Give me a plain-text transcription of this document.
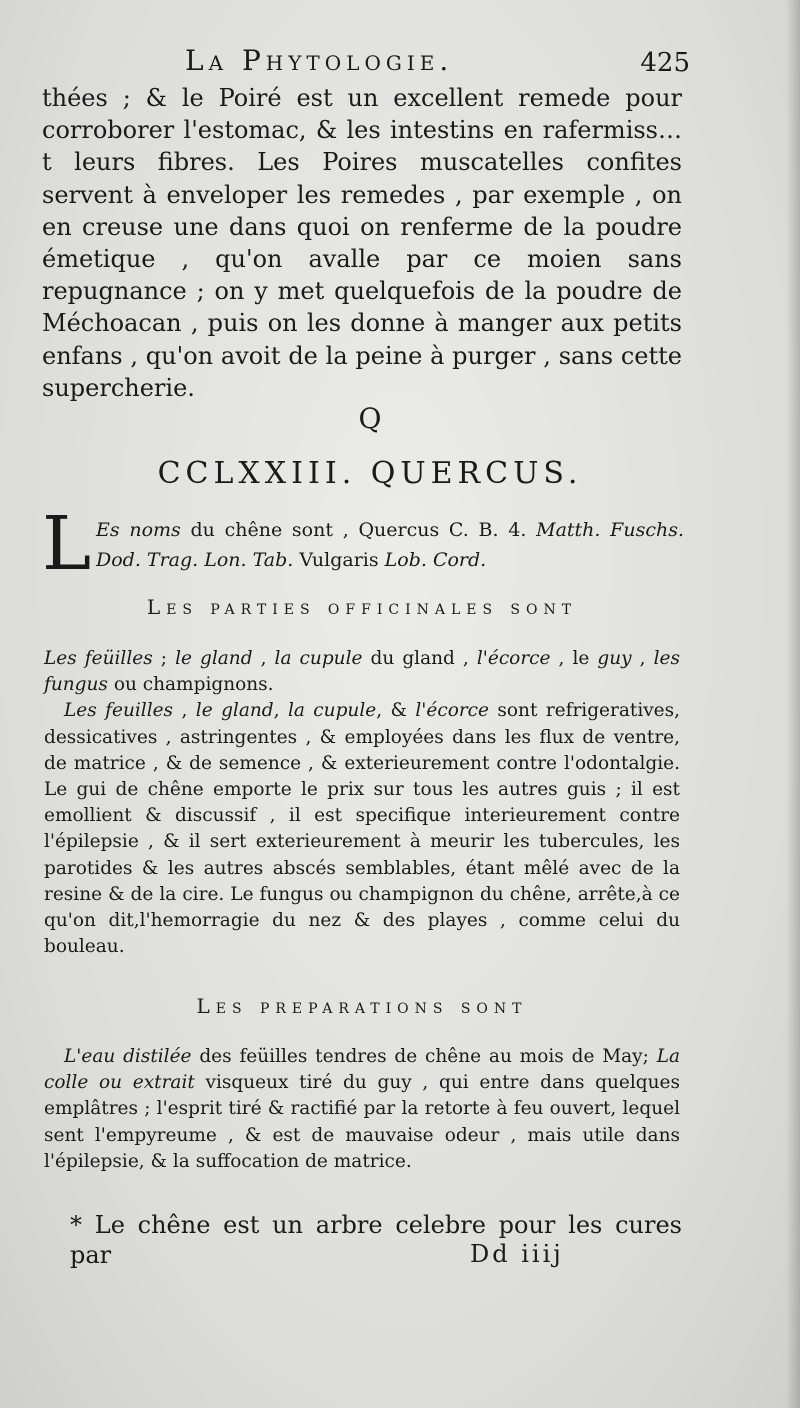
La Phytologie.	425

thées ; & le Poiré est un excellent remede pour corroborer l'estomac, & les intestins en rafermiss… t leurs fibres. Les Poires muscatelles confites servent à enveloper les remedes , par exemple , on en creuse une dans quoi on renferme de la poudre émetique , qu'on avalle par ce moien sans repugnance ; on y met quelquefois de la poudre de Méchoacan , puis on les donne à manger aux petits enfans , qu'on avoit de la peine à purger , sans cette supercherie.

Q
CCLXXIII. QUERCUS.
L Es noms du chêne sont , Quercus C. B. 4. Matth. Fuschs. Dod. Trag. Lon. Tab. Vulgaris Lob. Cord.
Les parties officinales sont

Les feüilles ; le gland , la cupule du gland , l'écorce , le guy , les fungus ou champignons.

Les feuilles , le gland, la cupule, & l'écorce sont refrigeratives, dessicatives , astringentes , & employées dans les flux de ventre, de matrice , & de semence , & exterieurement contre l'odontalgie. Le gui de chêne emporte le prix sur tous les autres guis ; il est emollient & discussif , il est specifique interieurement contre l'épilepsie , & il sert exterieurement à meurir les tubercules, les parotides & les autres abscés semblables, étant mêlé avec de la resine & de la cire. Le fungus ou champignon du chêne, arrête,à ce qu'on dit,l'hemorragie du nez & des playes , comme celui du bouleau.

Les preparations sont

L'eau distilée des feüilles tendres de chêne au mois de May; La colle ou extrait visqueux tiré du guy , qui entre dans quelques emplâtres ; l'esprit tiré & ractifié par la retorte à feu ouvert, lequel sent l'empyreume , & est de mauvaise odeur , mais utile dans l'épilepsie, & la suffocation de matrice.

* Le chêne est un arbre celebre pour les cures par	Dd iiij
